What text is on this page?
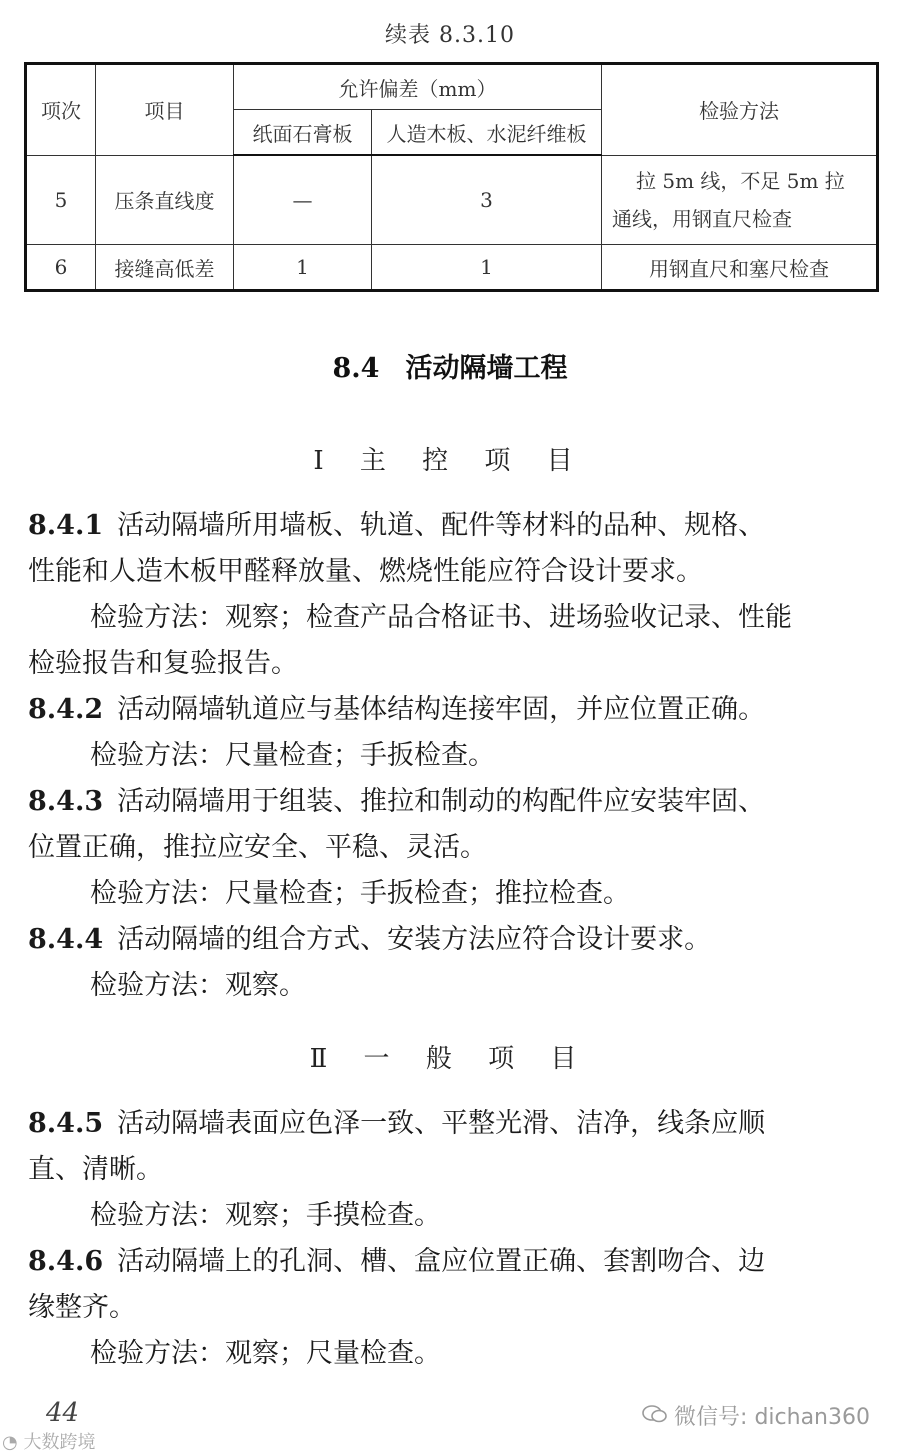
续表 8.3.10
项次	项目	允许偏差（mm）		检验方法
		纸面石膏板	人造木板、水泥纤维板	
5	压条直线度	—	3	拉 5m 线，不足 5m 拉
通线，用钢直尺检查
6	接缝高低差	1	1	用钢直尺和塞尺检查
8.4 活动隔墙工程
Ⅰ 主 控 项 目

8.4.1 活动隔墙所用墙板、轨道、配件等材料的品种、规格、

性能和人造木板甲醛释放量、燃烧性能应符合设计要求。

检验方法：观察；检查产品合格证书、进场验收记录、性能

检验报告和复验报告。

8.4.2 活动隔墙轨道应与基体结构连接牢固，并应位置正确。

检验方法：尺量检查；手扳检查。

8.4.3 活动隔墙用于组装、推拉和制动的构配件应安装牢固、

位置正确，推拉应安全、平稳、灵活。

检验方法：尺量检查；手扳检查；推拉检查。

8.4.4 活动隔墙的组合方式、安装方法应符合设计要求。

检验方法：观察。

Ⅱ 一 般 项 目

8.4.5 活动隔墙表面应色泽一致、平整光滑、洁净，线条应顺

直、清晰。

检验方法：观察；手摸检查。

8.4.6 活动隔墙上的孔洞、槽、盒应位置正确、套割吻合、边

缘整齐。

检验方法：观察；尺量检查。

44	微信号: dichan360
◔ 大数跨境
